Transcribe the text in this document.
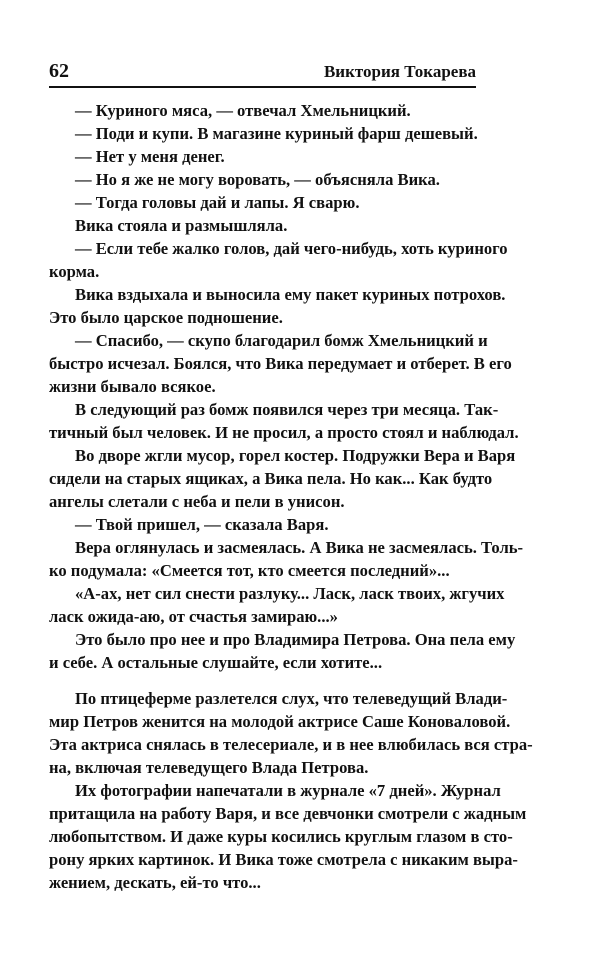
62	Виктория Токарева
— Куриного мяса, — отвечал Хмельницкий.
— Поди и купи. В магазине куриный фарш дешевый.
— Нет у меня денег.
— Но я же не могу воровать, — объясняла Вика.
— Тогда головы дай и лапы. Я сварю.
Вика стояла и размышляла.
— Если тебе жалко голов, дай чего-нибудь, хоть куриного
корма.
Вика вздыхала и выносила ему пакет куриных потрохов.
Это было царское подношение.
— Спасибо, — скупо благодарил бомж Хмельницкий и
быстро исчезал. Боялся, что Вика передумает и отберет. В его
жизни бывало всякое.
В следующий раз бомж появился через три месяца. Так-
тичный был человек. И не просил, а просто стоял и наблюдал.
Во дворе жгли мусор, горел костер. Подружки Вера и Варя
сидели на старых ящиках, а Вика пела. Но как... Как будто
ангелы слетали с неба и пели в унисон.
— Твой пришел, — сказала Варя.
Вера оглянулась и засмеялась. А Вика не засмеялась. Толь-
ко подумала: «Смеется тот, кто смеется последний»...
«А-ах, нет сил снести разлуку... Ласк, ласк твоих, жгучих
ласк ожида-аю, от счастья замираю...»
Это было про нее и про Владимира Петрова. Она пела ему
и себе. А остальные слушайте, если хотите...
По птицеферме разлетелся слух, что телеведущий Влади-
мир Петров женится на молодой актрисе Саше Коноваловой.
Эта актриса снялась в телесериале, и в нее влюбилась вся стра-
на, включая телеведущего Влада Петрова.
Их фотографии напечатали в журнале «7 дней». Журнал
притащила на работу Варя, и все девчонки смотрели с жадным
любопытством. И даже куры косились круглым глазом в сто-
рону ярких картинок. И Вика тоже смотрела с никаким выра-
жением, дескать, ей-то что...
